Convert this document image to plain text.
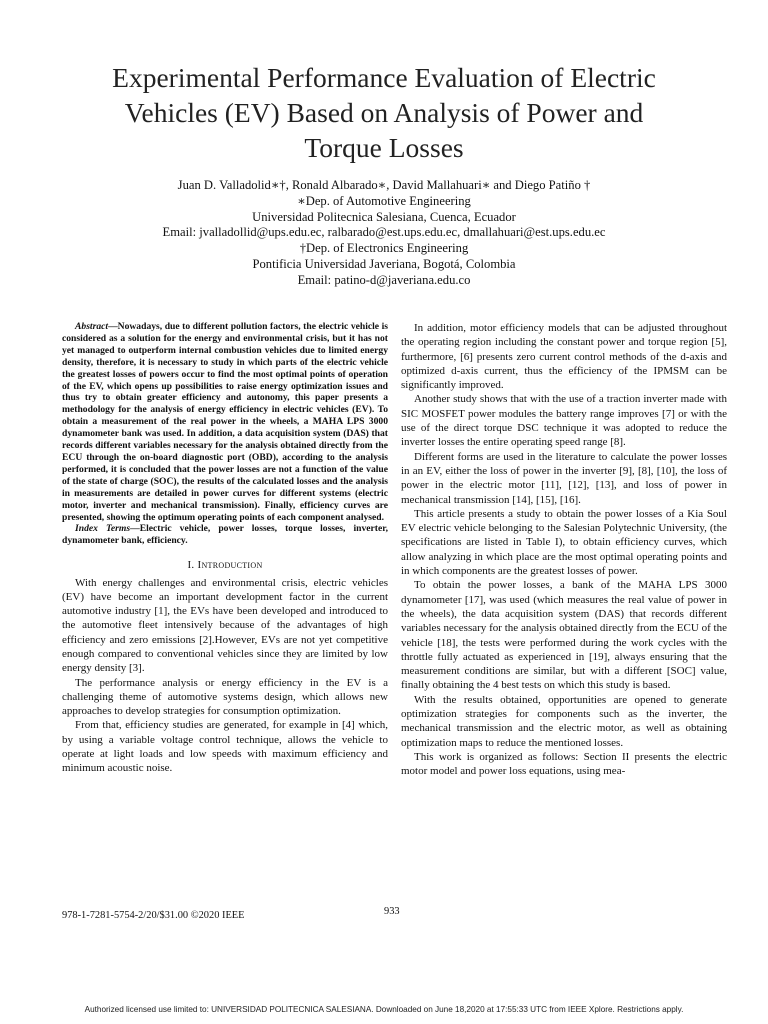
Experimental Performance Evaluation of Electric
Vehicles (EV) Based on Analysis of Power and
Torque Losses
Juan D. Valladolid∗†, Ronald Albarado∗, David Mallahuari∗ and Diego Patiño †
∗Dep. of Automotive Engineering
Universidad Politecnica Salesiana, Cuenca, Ecuador
Email: jvalladollid@ups.edu.ec, ralbarado@est.ups.edu.ec, dmallahuari@est.ups.edu.ec
†Dep. of Electronics Engineering
Pontificia Universidad Javeriana, Bogotá, Colombia
Email: patino-d@javeriana.edu.co

Abstract—Nowadays, due to different pollution factors, the electric vehicle is considered as a solution for the energy and environmental crisis, but it has not yet managed to outperform internal combustion vehicles due to limited energy density, therefore, it is necessary to study in which parts of the electric vehicle the greatest losses of powers occur to find the most optimal points of operation of the EV, which opens up possibilities to raise energy optimization issues and thus try to obtain greater efficiency and autonomy, this paper presents a methodology for the analysis of energy efficiency in electric vehicles (EV). To obtain a measurement of the real power in the wheels, a MAHA LPS 3000 dynamometer bank was used. In addition, a data acquisition system (DAS) that records different variables necessary for the analysis obtained directly from the ECU through the on-board diagnostic port (OBD), according to the analysis performed, it is concluded that the power losses are not a function of the value of the state of charge (SOC), the results of the calculated losses and the analysis in measurements are detailed in power curves for different systems (electric motor, inverter and mechanical transmission). Finally, efficiency curves are presented, showing the optimum operating points of each component analysed.

Index Terms—Electric vehicle, power losses, torque losses, inverter, dynamometer bank, efficiency.

I. Introduction

With energy challenges and environmental crisis, electric vehicles (EV) have become an important development factor in the current automotive industry [1], the EVs have been developed and introduced to the automotive fleet intensively because of the advantages of high efficiency and zero emissions [2].However, EVs are not yet competitive enough compared to conventional vehicles since they are limited by low energy density [3].

The performance analysis or energy efficiency in the EV is a challenging theme of automotive systems design, which allows new approaches to develop strategies for consumption optimization.

From that, efficiency studies are generated, for example in [4] which, by using a variable voltage control technique, allows the vehicle to operate at light loads and low speeds with maximum efficiency and minimum acoustic noise.

In addition, motor efficiency models that can be adjusted throughout the operating region including the constant power and torque region [5], furthermore, [6] presents zero current control methods of the d-axis and optimized d-axis current, thus the efficiency of the IPMSM can be significantly improved.

Another study shows that with the use of a traction inverter made with SIC MOSFET power modules the battery range improves [7] or with the use of the direct torque DSC technique it was adopted to reduce the inverter losses the entire operating speed range [8].

Different forms are used in the literature to calculate the power losses in an EV, either the loss of power in the inverter [9], [8], [10], the loss of power in the electric motor [11], [12], [13], and loss of power in mechanical transmission [14], [15], [16].

This article presents a study to obtain the power losses of a Kia Soul EV electric vehicle belonging to the Salesian Polytechnic University, (the specifications are listed in Table I), to obtain efficiency curves, which allow analyzing in which place are the most optimal operating points and in which components are the greatest losses of power.

To obtain the power losses, a bank of the MAHA LPS 3000 dynamometer [17], was used (which measures the real value of power in the wheels), the data acquisition system (DAS) that records different variables necessary for the analysis obtained directly from the ECU of the vehicle [18], the tests were performed during the work cycles with the throttle fully actuated as experienced in [19], always ensuring that the measurement conditions are similar, but with a different [SOC] value, finally obtaining the 4 best tests on which this study is based.

With the results obtained, opportunities are opened to generate optimization strategies for components such as the inverter, the mechanical transmission and the electric motor, as well as obtaining optimization maps to reduce the mentioned losses.

This work is organized as follows: Section II presents the electric motor model and power loss equations, using mea-

978-1-7281-5754-2/20/$31.00 ©2020 IEEE	933
Authorized licensed use limited to: UNIVERSIDAD POLITECNICA SALESIANA. Downloaded on June 18,2020 at 17:55:33 UTC from IEEE Xplore. Restrictions apply.
